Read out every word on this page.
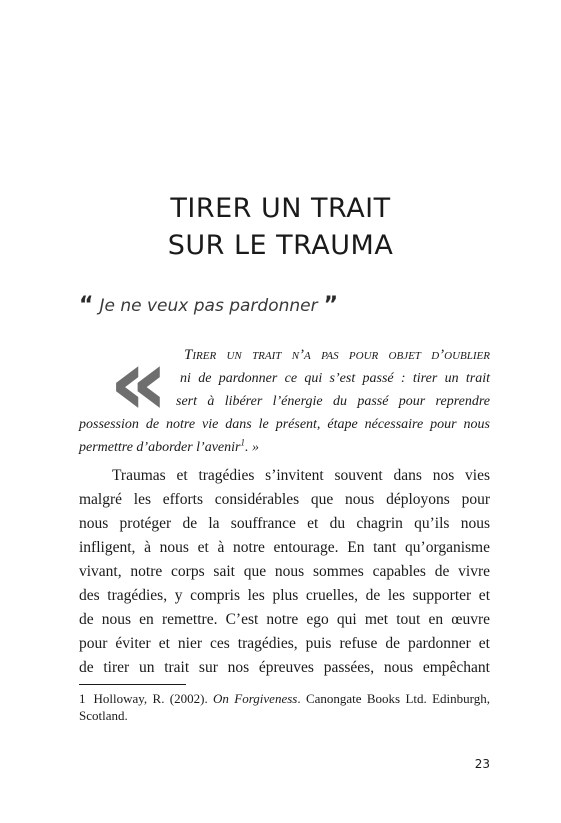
TIRER UN TRAIT
SUR LE TRAUMA
“ Je ne veux pas pardonner ”
« Tirer un trait n’a pas pour objet d’oublier

ni de pardonner ce qui s’est passé : tirer un trait

sert à libérer l’énergie du passé pour reprendre

possession de notre vie dans le présent, étape nécessaire pour nous
permettre d’aborder l’avenir$^1$. »

Traumas et tragédies s’invitent souvent dans nos vies
malgré les efforts considérables que nous déployons pour
nous protéger de la souffrance et du chagrin qu’ils nous
infligent, à nous et à notre entourage. En tant qu’organisme
vivant, notre corps sait que nous sommes capables de vivre
des tragédies, y compris les plus cruelles, de les supporter et
de nous en remettre. C’est notre ego qui met tout en œuvre
pour éviter et nier ces tragédies, puis refuse de pardonner et
de tirer un trait sur nos épreuves passées, nous empêchant
1 Holloway, R. (2002). On Forgiveness. Canongate Books Ltd. Edinburgh,
Scotland.
23
